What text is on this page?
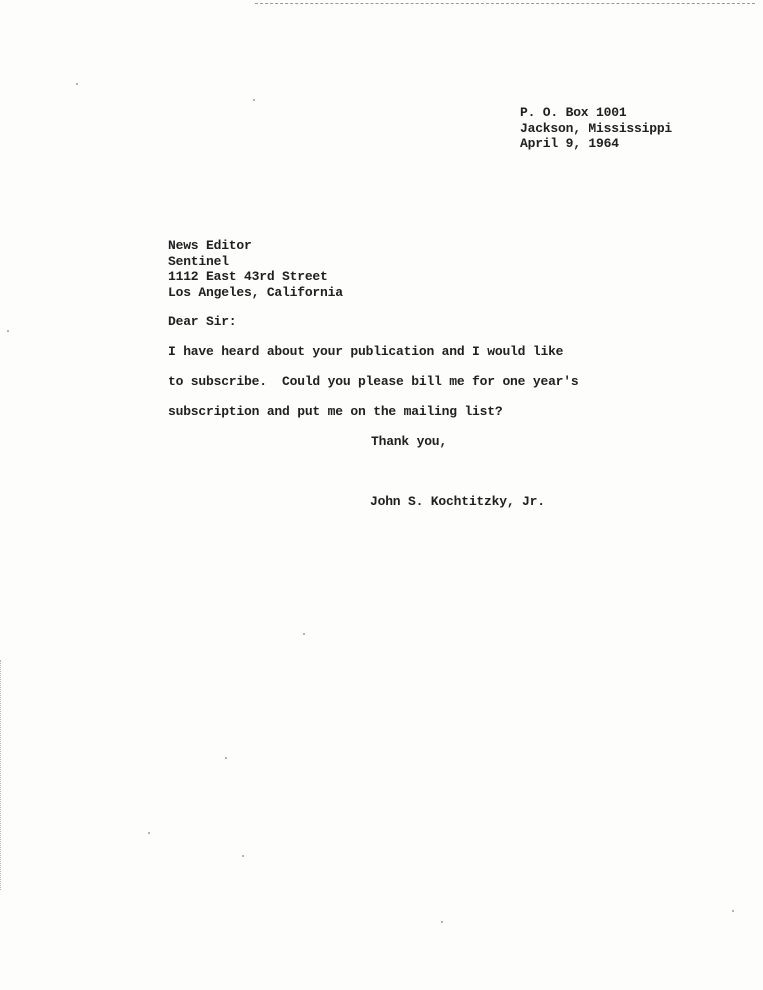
P. O. Box 1001
Jackson, Mississippi
April 9, 1964
News Editor
Sentinel
1112 East 43rd Street
Los Angeles, California
Dear Sir:
I have heard about your publication and I would like
to subscribe.  Could you please bill me for one year's
subscription and put me on the mailing list?
Thank you,
John S. Kochtitzky, Jr.
